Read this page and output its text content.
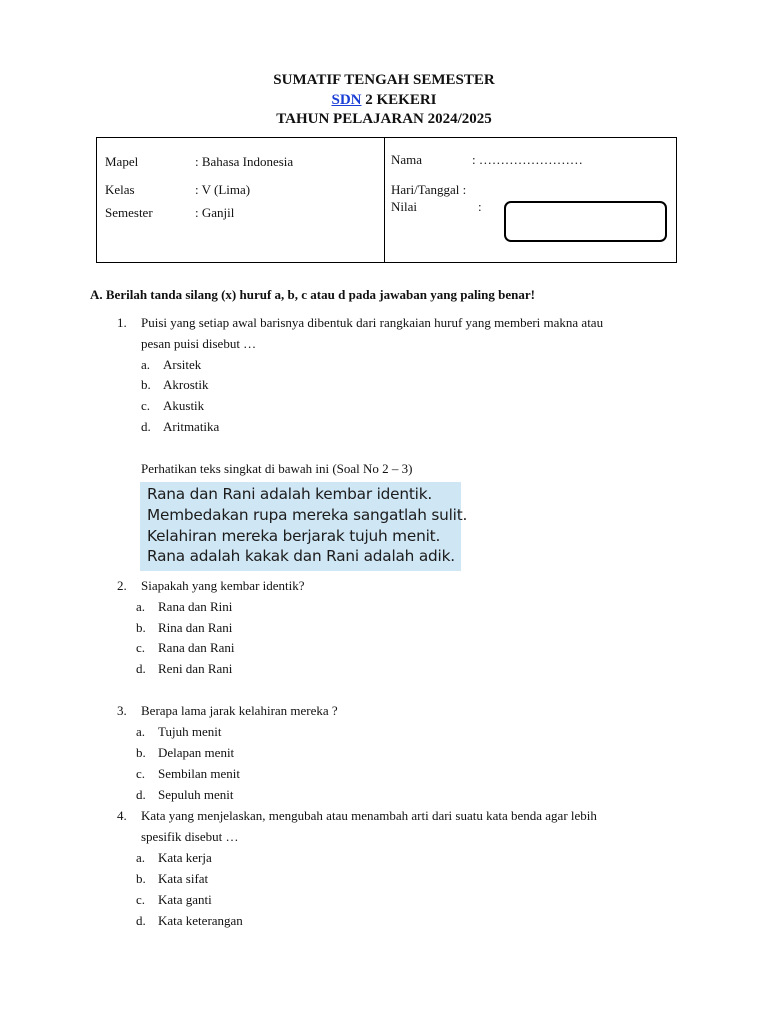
SUMATIF TENGAH SEMESTER
SDN 2 KEKERI
TAHUN PELAJARAN 2024/2025
Mapel	: Bahasa Indonesia
Kelas	: V (Lima)
Semester	: Ganjil
Nama	: ……………………
Hari/Tanggal :
Nilai	:
A. Berilah tanda silang (x) huruf a, b, c atau d pada jawaban yang paling benar!
1. Puisi yang setiap awal barisnya dibentuk dari rangkaian huruf yang memberi makna atau
pesan puisi disebut …
a. Arsitek
b. Akrostik
c. Akustik
d. Aritmatika
Perhatikan teks singkat di bawah ini (Soal No 2 – 3)
Rana dan Rani adalah kembar identik.
Membedakan rupa mereka sangatlah sulit.
Kelahiran mereka berjarak tujuh menit.
Rana adalah kakak dan Rani adalah adik.
2. Siapakah yang kembar identik?
a. Rana dan Rini
b. Rina dan Rani
c. Rana dan Rani
d. Reni dan Rani
3. Berapa lama jarak kelahiran mereka ?
a. Tujuh menit
b. Delapan menit
c. Sembilan menit
d. Sepuluh menit
4. Kata yang menjelaskan, mengubah atau menambah arti dari suatu kata benda agar lebih
spesifik disebut …
a. Kata kerja
b. Kata sifat
c. Kata ganti
d. Kata keterangan
